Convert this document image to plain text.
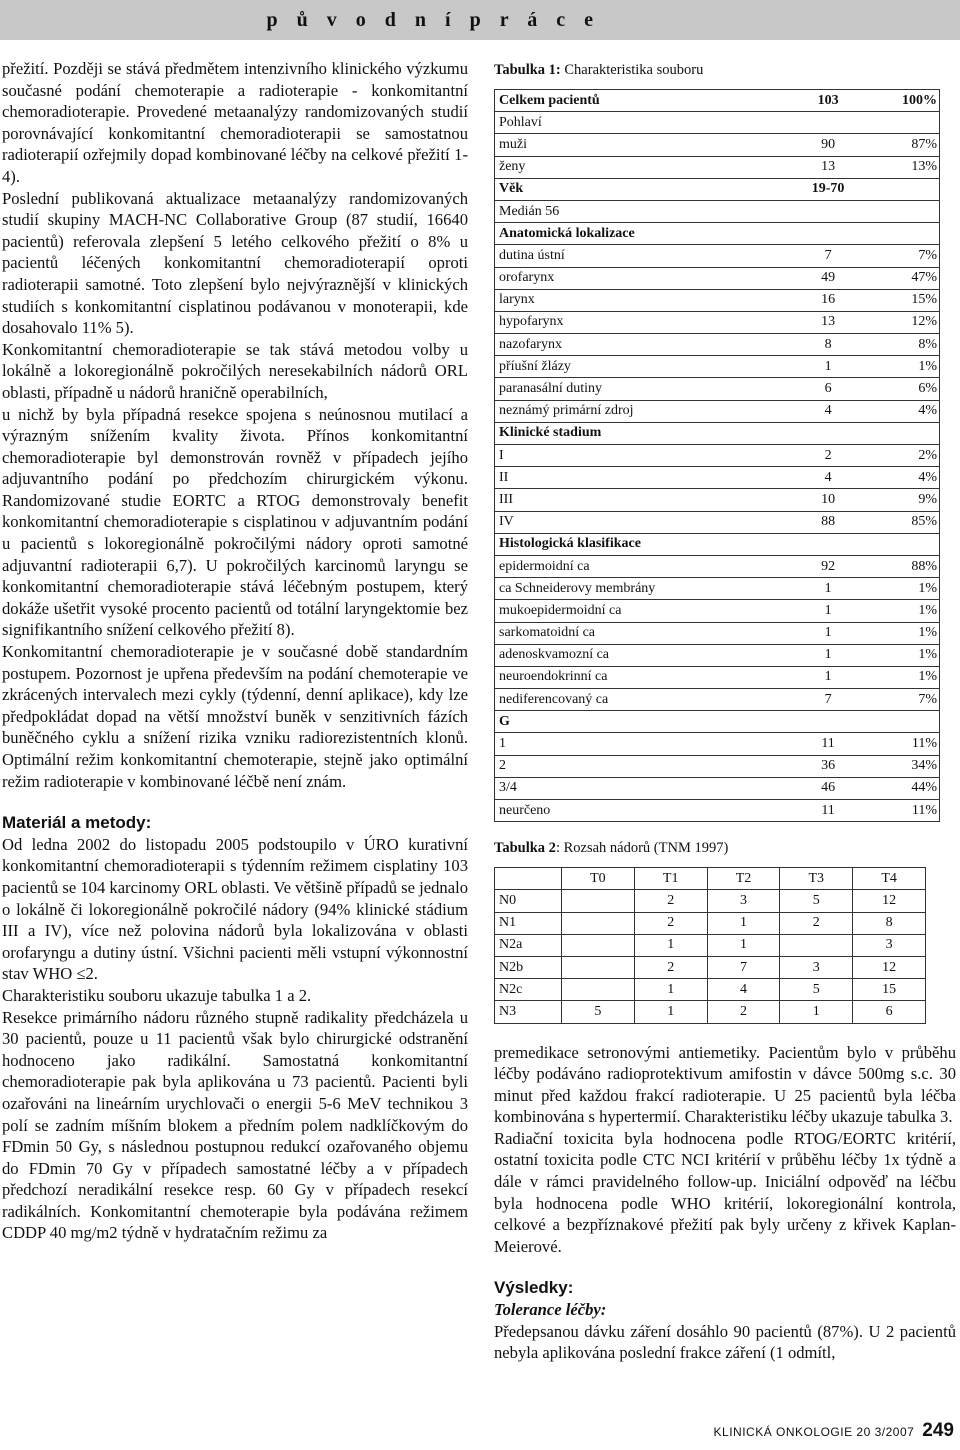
p ů v o d n í p r á c e

přežití. Později se stává předmětem intenzivního klinického výzkumu současné podání chemoterapie a radioterapie - konkomitantní chemoradioterapie. Provedené metaanalýzy randomizovaných studií porovnávající konkomitantní chemoradioterapii se samostatnou radioterapií ozřejmily dopad kombinované léčby na celkové přežití 1-4).

Poslední publikovaná aktualizace metaanalýzy randomizovaných studií skupiny MACH-NC Collaborative Group (87 studií, 16640 pacientů) referovala zlepšení 5 letého celkového přežití o 8% u pacientů léčených konkomitantní chemoradioterapií oproti radioterapii samotné. Toto zlepšení bylo nejvýraznější v klinických studiích s konkomitantní cisplatinou podávanou v monoterapii, kde dosahovalo 11% 5).

Konkomitantní chemoradioterapie se tak stává metodou volby u lokálně a lokoregionálně pokročilých neresekabilních nádorů ORL oblasti, případně u nádorů hraničně operabilních,

u nichž by byla případná resekce spojena s neúnosnou mutilací a výrazným snížením kvality života. Přínos konkomitantní chemoradioterapie byl demonstrován rovněž v případech jejího adjuvantního podání po předchozím chirurgickém výkonu. Randomizované studie EORTC a RTOG demonstrovaly benefit konkomitantní chemoradioterapie s cisplatinou v adjuvantním podání u pacientů s lokoregionálně pokročilými nádory oproti samotné adjuvantní radioterapii 6,7). U pokročilých karcinomů laryngu se konkomitantní chemoradioterapie stává léčebným postupem, který dokáže ušetřit vysoké procento pacientů od totální laryngektomie bez signifikantního snížení celkového přežití 8).

Konkomitantní chemoradioterapie je v současné době standardním postupem. Pozornost je upřena především na podání chemoterapie ve zkrácených intervalech mezi cykly (týdenní, denní aplikace), kdy lze předpokládat dopad na větší množství buněk v senzitivních fázích buněčného cyklu a snížení rizika vzniku radiorezistentních klonů. Optimální režim konkomitantní chemoterapie, stejně jako optimální režim radioterapie v kombinované léčbě není znám.

Materiál a metody:

Od ledna 2002 do listopadu 2005 podstoupilo v ÚRO kurativní konkomitantní chemoradioterapii s týdenním režimem cisplatiny 103 pacientů se 104 karcinomy ORL oblasti. Ve většině případů se jednalo o lokálně či lokoregionálně pokročilé nádory (94% klinické stádium III a IV), více než polovina nádorů byla lokalizována v oblasti orofaryngu a dutiny ústní. Všichni pacienti měli vstupní výkonnostní stav WHO ≤2.

Charakteristiku souboru ukazuje tabulka 1 a 2.

Resekce primárního nádoru různého stupně radikality předcházela u 30 pacientů, pouze u 11 pacientů však bylo chirurgické odstranění hodnoceno jako radikální. Samostatná konkomitantní chemoradioterapie pak byla aplikována u 73 pacientů. Pacienti byli ozařováni na lineárním urychlovači o energii 5-6 MeV technikou 3 polí se zadním míšním blokem a předním polem nadklíčkovým do FDmin 50 Gy, s následnou postupnou redukcí ozařovaného objemu do FDmin 70 Gy v případech samostatné léčby a v případech předchozí neradikální resekce resp. 60 Gy v případech resekcí radikálních. Konkomitantní chemoterapie byla podávána režimem CDDP 40 mg/m2 týdně v hydratačním režimu za

Tabulka 1: Charakteristika souboru
Celkem pacientů	103	100%
Pohlaví		
muži	90	87%
ženy	13	13%
Věk	19-70	
Medián 56		
Anatomická lokalizace		
dutina ústní	7	7%
orofarynx	49	47%
larynx	16	15%
hypofarynx	13	12%
nazofarynx	8	8%
příušní žlázy	1	1%
paranasální dutiny	6	6%
neznámý primární zdroj	4	4%
Klinické stadium		
I	2	2%
II	4	4%
III	10	9%
IV	88	85%
Histologická klasifikace		
epidermoidní ca	92	88%
ca Schneiderovy membrány	1	1%
mukoepidermoidní ca	1	1%
sarkomatoidní ca	1	1%
adenoskvamozní ca	1	1%
neuroendokrinní ca	1	1%
nediferencovaný ca	7	7%
G		
1	11	11%
2	36	34%
3/4	46	44%
neurčeno	11	11%
Tabulka 2: Rozsah nádorů (TNM 1997)
	T0	T1	T2	T3	T4
N0		2	3	5	12
N1		2	1	2	8
N2a		1	1		3
N2b		2	7	3	12
N2c		1	4	5	15
N3	5	1	2	1	6

premedikace setronovými antiemetiky. Pacientům bylo v průběhu léčby podáváno radioprotektivum amifostin v dávce 500mg s.c. 30 minut před každou frakcí radioterapie. U 25 pacientů byla léčba kombinována s hypertermií. Charakteristiku léčby ukazuje tabulka 3.

Radiační toxicita byla hodnocena podle RTOG/EORTC kritérií, ostatní toxicita podle CTC NCI kritérií v průběhu léčby 1x týdně a dále v rámci pravidelného follow-up. Iniciální odpověď na léčbu byla hodnocena podle WHO kritérií, lokoregionální kontrola, celkové a bezpříznakové přežití pak byly určeny z křivek Kaplan-Meierové.

Výsledky:
Tolerance léčby:

Předepsanou dávku záření dosáhlo 90 pacientů (87%). U 2 pacientů nebyla aplikována poslední frakce záření (1 odmítl,

KLINICKÁ ONKOLOGIE 20 3/2007 249
